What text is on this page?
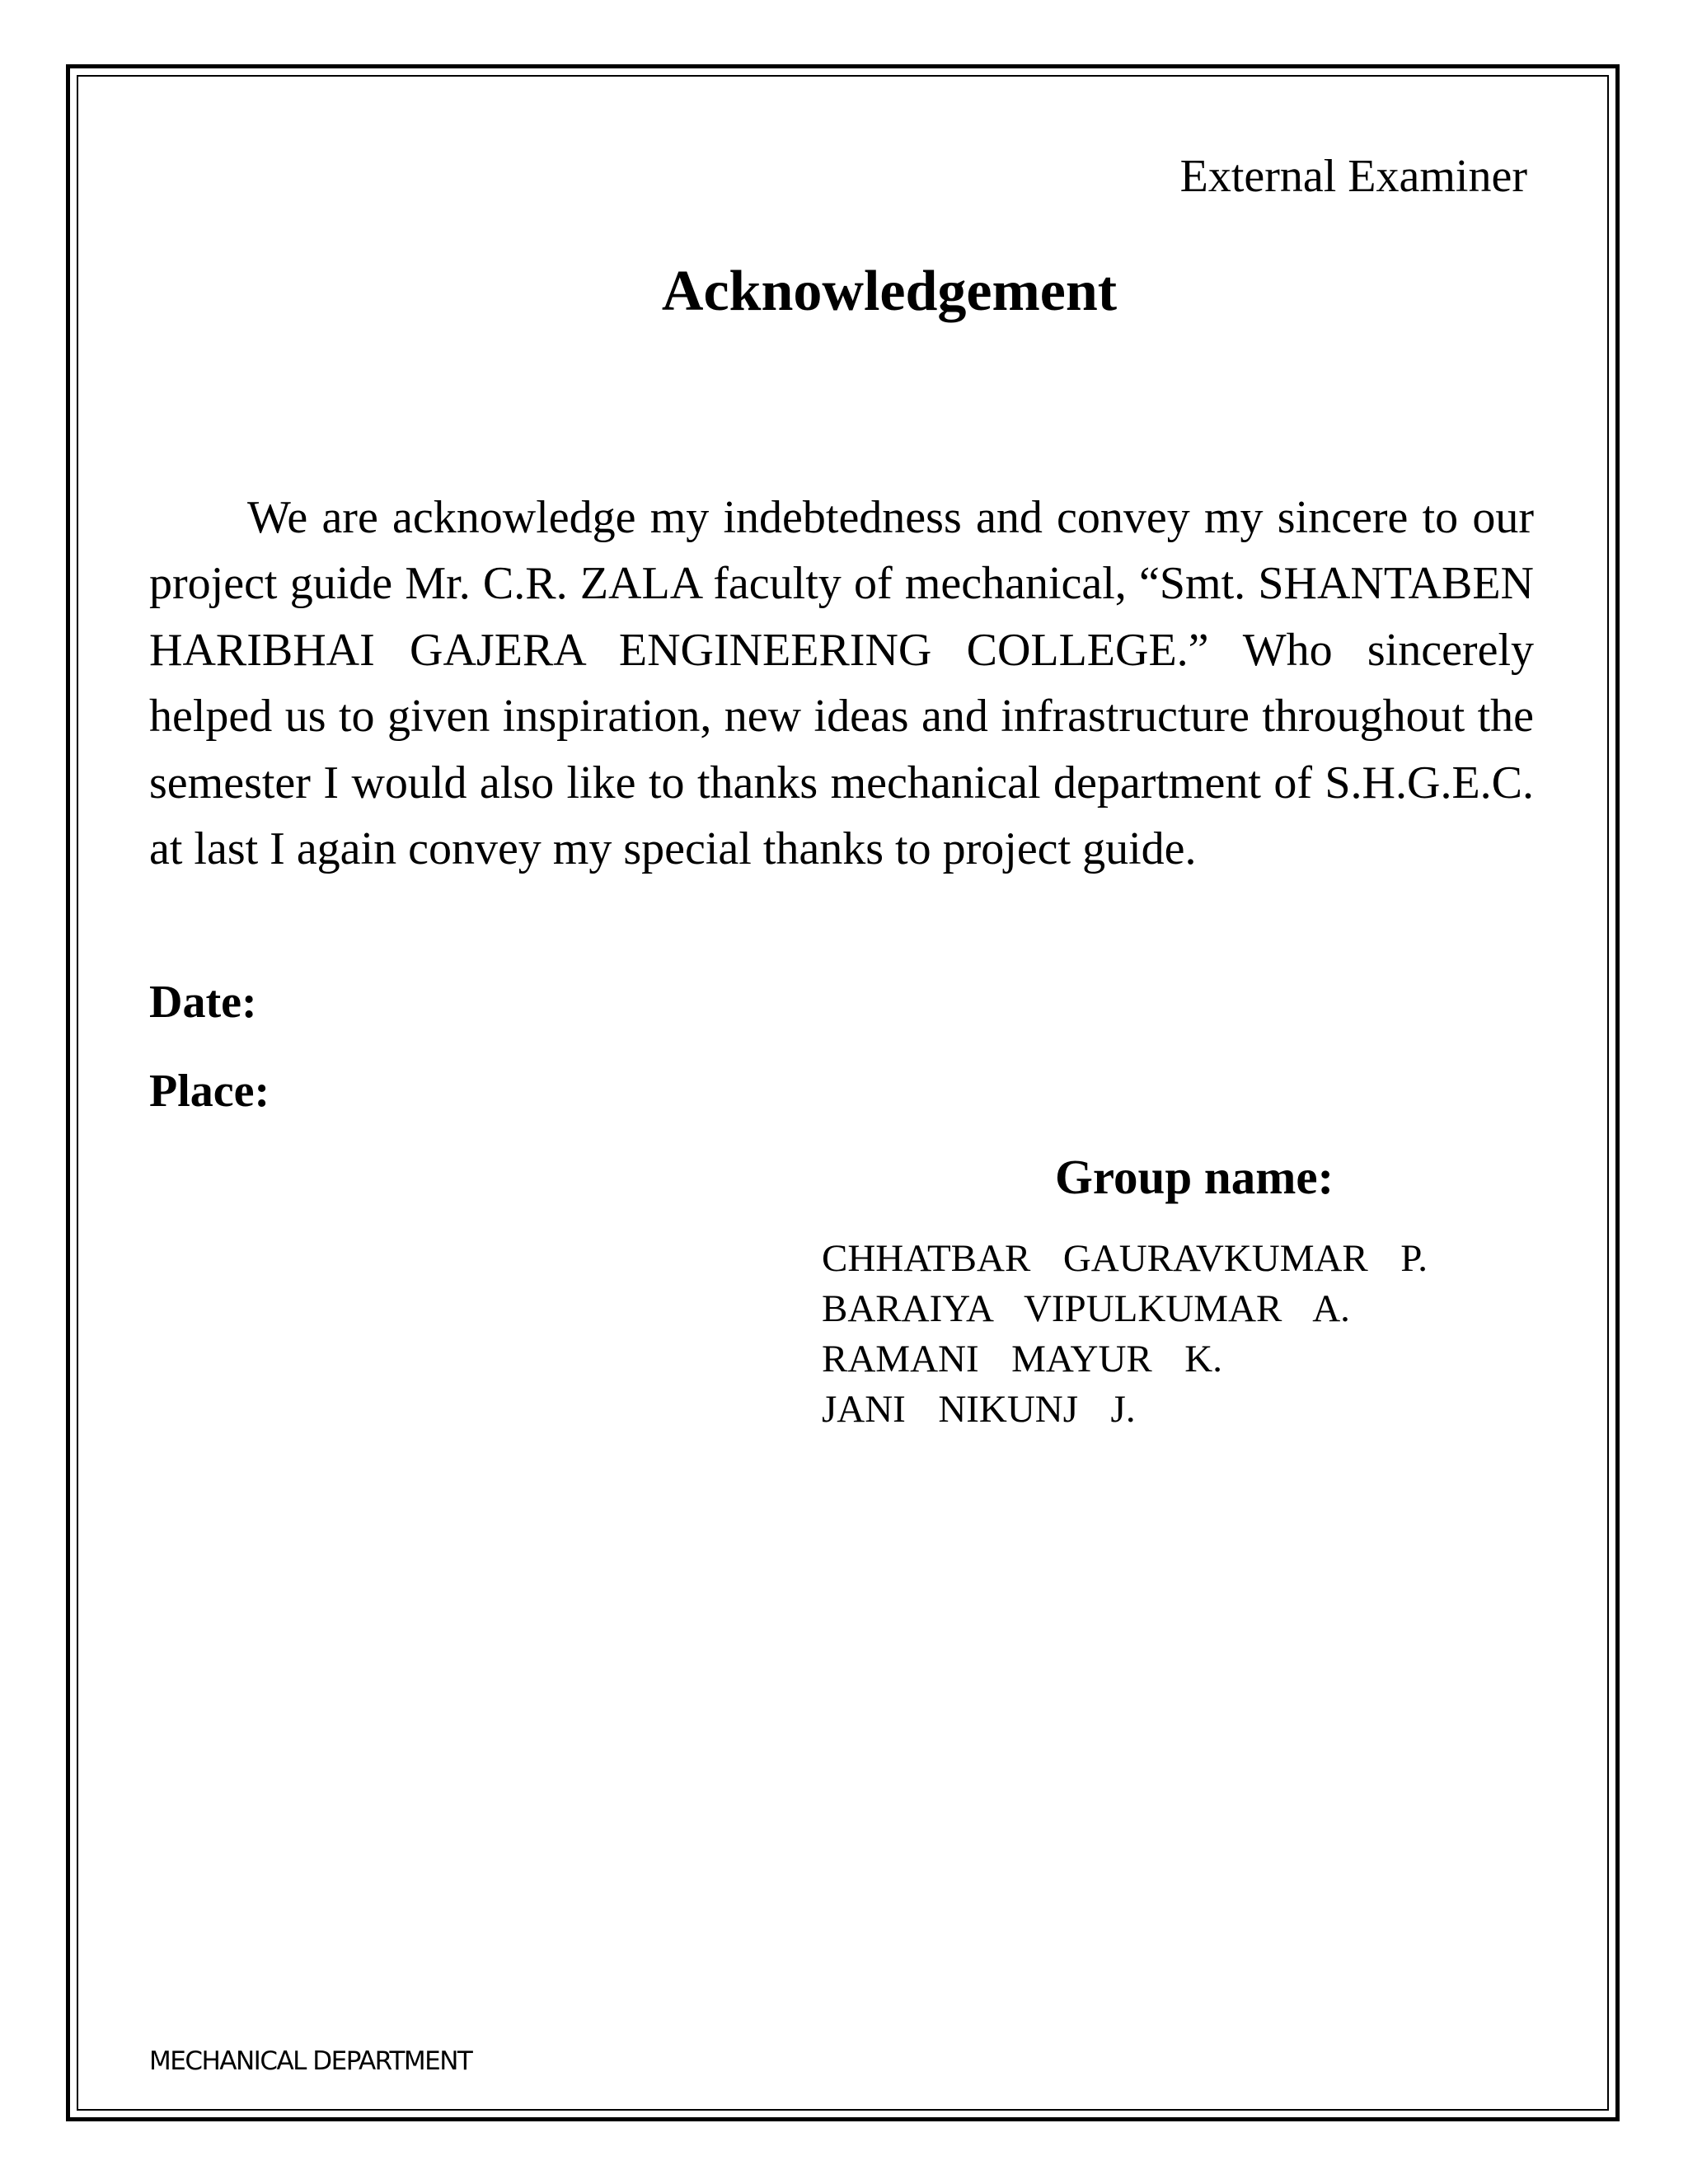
External Examiner
Acknowledgement

We are acknowledge my indebtedness and convey my sincere to our project guide Mr. C.R. ZALA faculty of mechanical, “Smt. SHANTABEN HARIBHAI GAJERA ENGINEERING COLLEGE.” Who sincerely helped us to given inspiration, new ideas and infrastructure throughout the semester I would also like to thanks mechanical department of S.H.G.E.C. at last I again convey my special thanks to project guide.

Date:
Place:
Group name:
CHHATBAR  GAURAVKUMAR  P.
BARAIYA  VIPULKUMAR  A.
RAMANI  MAYUR  K.
JANI  NIKUNJ  J.
MECHANICAL DEPARTMENT
